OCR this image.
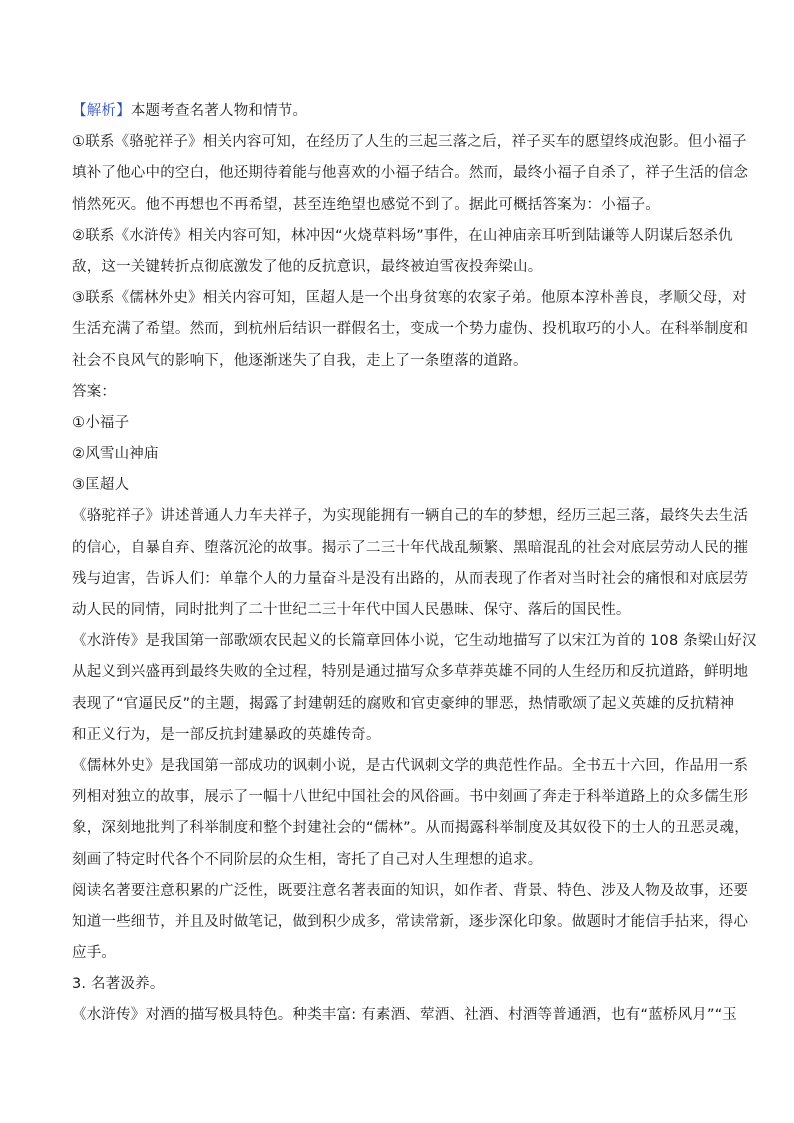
【解析】本题考查名著人物和情节。
①联系《骆驼祥子》相关内容可知，在经历了人生的三起三落之后，祥子买车的愿望终成泡影。但小福子
填补了他心中的空白，他还期待着能与他喜欢的小福子结合。然而，最终小福子自杀了，祥子生活的信念
悄然死灭。他不再想也不再希望，甚至连绝望也感觉不到了。据此可概括答案为：小福子。
②联系《水浒传》相关内容可知，林冲因“火烧草料场”事件，在山神庙亲耳听到陆谦等人阴谋后怒杀仇
敌，这一关键转折点彻底激发了他的反抗意识，最终被迫雪夜投奔梁山。
③联系《儒林外史》相关内容可知，匡超人是一个出身贫寒的农家子弟。他原本淳朴善良，孝顺父母，对
生活充满了希望。然而，到杭州后结识一群假名士，变成一个势力虚伪、投机取巧的小人。在科举制度和
社会不良风气的影响下，他逐渐迷失了自我，走上了一条堕落的道路。
答案：
①小福子
②风雪山神庙
③匡超人
《骆驼祥子》讲述普通人力车夫祥子，为实现能拥有一辆自己的车的梦想，经历三起三落，最终失去生活
的信心，自暴自弃、堕落沉沦的故事。揭示了二三十年代战乱频繁、黑暗混乱的社会对底层劳动人民的摧
残与迫害，告诉人们：单靠个人的力量奋斗是没有出路的，从而表现了作者对当时社会的痛恨和对底层劳
动人民的同情，同时批判了二十世纪二三十年代中国人民愚昧、保守、落后的国民性。
《水浒传》是我国第一部歌颂农民起义的长篇章回体小说，它生动地描写了以宋江为首的 108 条梁山好汉
从起义到兴盛再到最终失败的全过程，特别是通过描写众多草莽英雄不同的人生经历和反抗道路，鲜明地
表现了“官逼民反”的主题，揭露了封建朝廷的腐败和官吏豪绅的罪恶，热情歌颂了起义英雄的反抗精神
和正义行为，是一部反抗封建暴政的英雄传奇。
《儒林外史》是我国第一部成功的讽刺小说，是古代讽刺文学的典范性作品。全书五十六回，作品用一系
列相对独立的故事，展示了一幅十八世纪中国社会的风俗画。书中刻画了奔走于科举道路上的众多儒生形
象，深刻地批判了科举制度和整个封建社会的“儒林”。从而揭露科举制度及其奴役下的士人的丑恶灵魂，
刻画了特定时代各个不同阶层的众生相，寄托了自己对人生理想的追求。
阅读名著要注意积累的广泛性，既要注意名著表面的知识，如作者、背景、特色、涉及人物及故事，还要
知道一些细节，并且及时做笔记，做到积少成多，常读常新，逐步深化印象。做题时才能信手拈来，得心
应手。
3. 名著汲养。
《水浒传》对酒的描写极具特色。种类丰富: 有素酒、荤酒、社酒、村酒等普通酒，也有“蓝桥风月”“玉
